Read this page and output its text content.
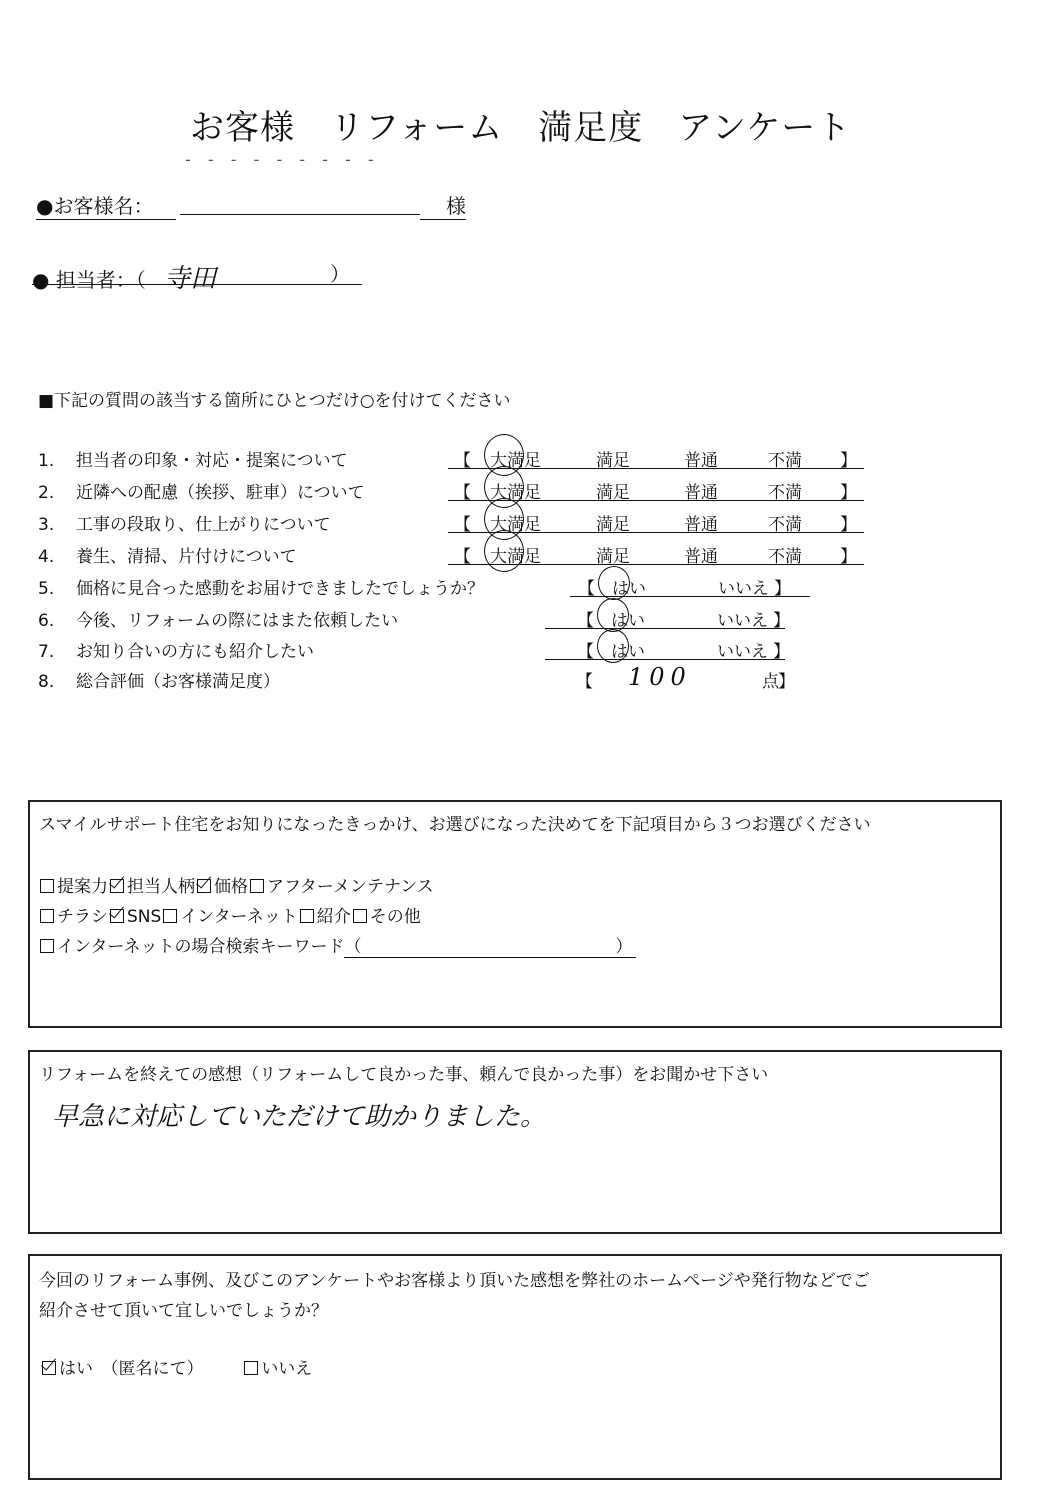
お客様　リフォーム　満足度　アンケート
- - - - - - - - -
●お客様名：	様
● 担当者：（ 寺田	）
■下記の質問の該当する箇所にひとつだけ○を付けてください
1. 担当者の印象・対応・提案について	【 大満足	満足	普通	不満 】
2. 近隣への配慮（挨拶、駐車）について	【 大満足	満足	普通	不満 】
3. 工事の段取り、仕上がりについて	【 大満足	満足	普通	不満 】
4. 養生、清掃、片付けについて	【 大満足	満足	普通	不満 】
5. 価格に見合った感動をお届けできましたでしょうか？	【 はい	いいえ 】
6. 今後、リフォームの際にはまた依頼したい	【 はい	いいえ 】
7. お知り合いの方にも紹介したい	【 はい	いいえ 】
8. 総合評価（お客様満足度）	【 100	点 】
スマイルサポート住宅をお知りになったきっかけ、お選びになった決めてを下記項目から３つお選びください
提案力 担当人柄 価格 アフターメンテナンス
チラシ SNS インターネット 紹介 その他
インターネットの場合検索キーワード（	）
リフォームを終えての感想（リフォームして良かった事、頼んで良かった事）をお聞かせ下さい
早急に対応していただけて助かりました。
今回のリフォーム事例、及びこのアンケートやお客様より頂いた感想を弊社のホームページや発行物などでご
紹介させて頂いて宜しいでしょうか？
はい　（匿名にて）	いいえ
